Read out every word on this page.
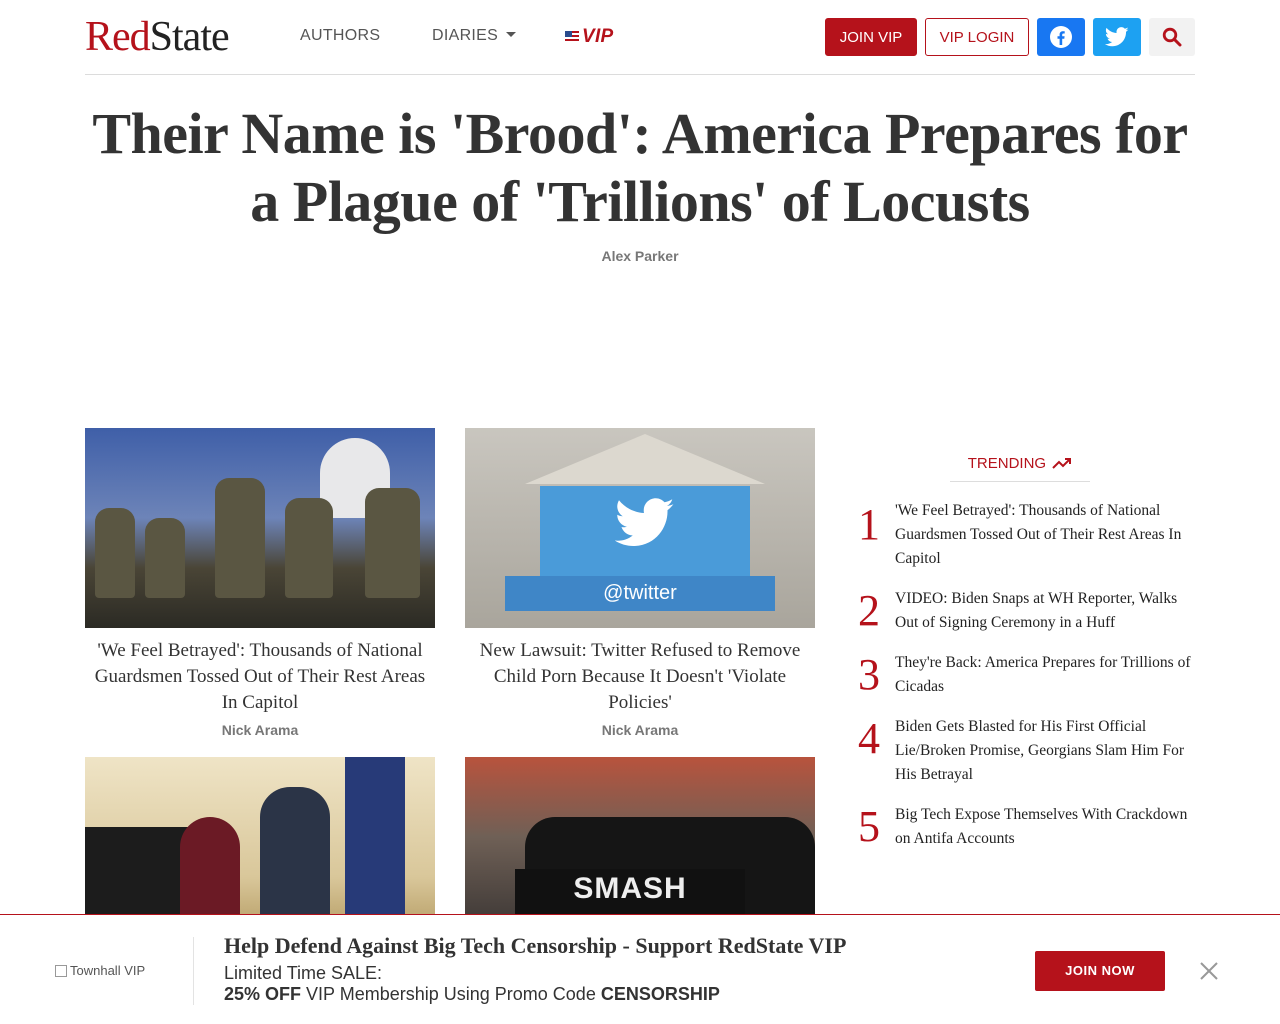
RedState	AUTHORS	DIARIES	VIP	JOIN VIP	VIP LOGIN
Their Name is 'Brood': America Prepares for a Plague of 'Trillions' of Locusts
Alex Parker
'We Feel Betrayed': Thousands of National Guardsmen Tossed Out of Their Rest Areas In Capitol
Nick Arama
@twitter
New Lawsuit: Twitter Refused to Remove Child Porn Because It Doesn't 'Violate Policies'
Nick Arama
SMASH
TRENDING
1 'We Feel Betrayed': Thousands of National Guardsmen Tossed Out of Their Rest Areas In Capitol
2 VIDEO: Biden Snaps at WH Reporter, Walks Out of Signing Ceremony in a Huff
3 They're Back: America Prepares for Trillions of Cicadas
4 Biden Gets Blasted for His First Official Lie/Broken Promise, Georgians Slam Him For His Betrayal
5 Big Tech Expose Themselves With Crackdown on Antifa Accounts
Townhall VIP
Help Defend Against Big Tech Censorship - Support RedState VIP
Limited Time SALE:
25% OFF VIP Membership Using Promo Code CENSORSHIP
JOIN NOW
